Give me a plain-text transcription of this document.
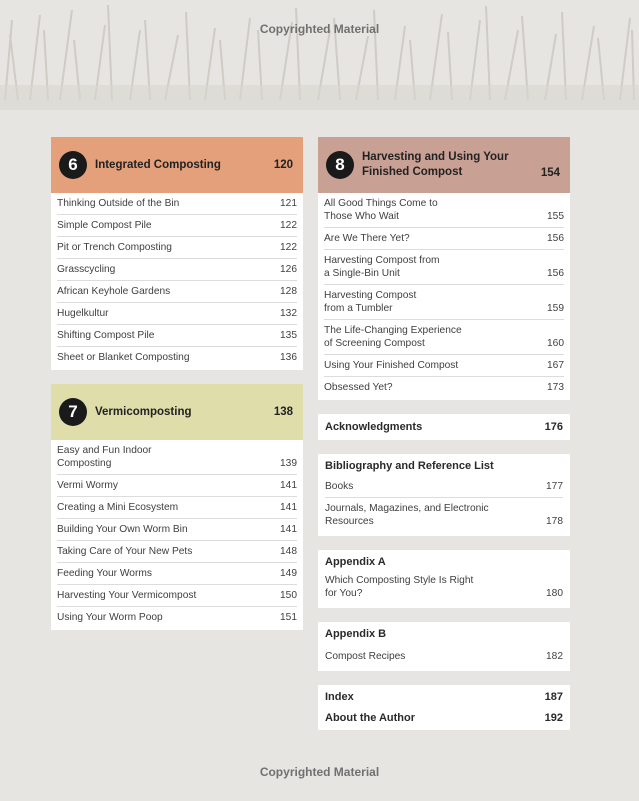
Copyrighted Material
6	Integrated Composting	120
Thinking Outside of the Bin	121
Simple Compost Pile	122
Pit or Trench Composting	122
Grasscycling	126
African Keyhole Gardens	128
Hugelkultur	132
Shifting Compost Pile	135
Sheet or Blanket Composting	136
7	Vermicomposting	138
Easy and Fun Indoor
Composting	139
Vermi Wormy	141
Creating a Mini Ecosystem	141
Building Your Own Worm Bin	141
Taking Care of Your New Pets	148
Feeding Your Worms	149
Harvesting Your Vermicompost	150
Using Your Worm Poop	151
8	Harvesting and Using Your Finished Compost	154
All Good Things Come to
Those Who Wait	155
Are We There Yet?	156
Harvesting Compost from
a Single-Bin Unit	156
Harvesting Compost
from a Tumbler	159
The Life-Changing Experience
of Screening Compost	160
Using Your Finished Compost	167
Obsessed Yet?	173
Acknowledgments	176
Bibliography and Reference List
Books	177
Journals, Magazines, and Electronic
Resources	178
Appendix A
Which Composting Style Is Right
for You?	180
Appendix B
Compost Recipes	182
Index	187
About the Author	192
Copyrighted Material
